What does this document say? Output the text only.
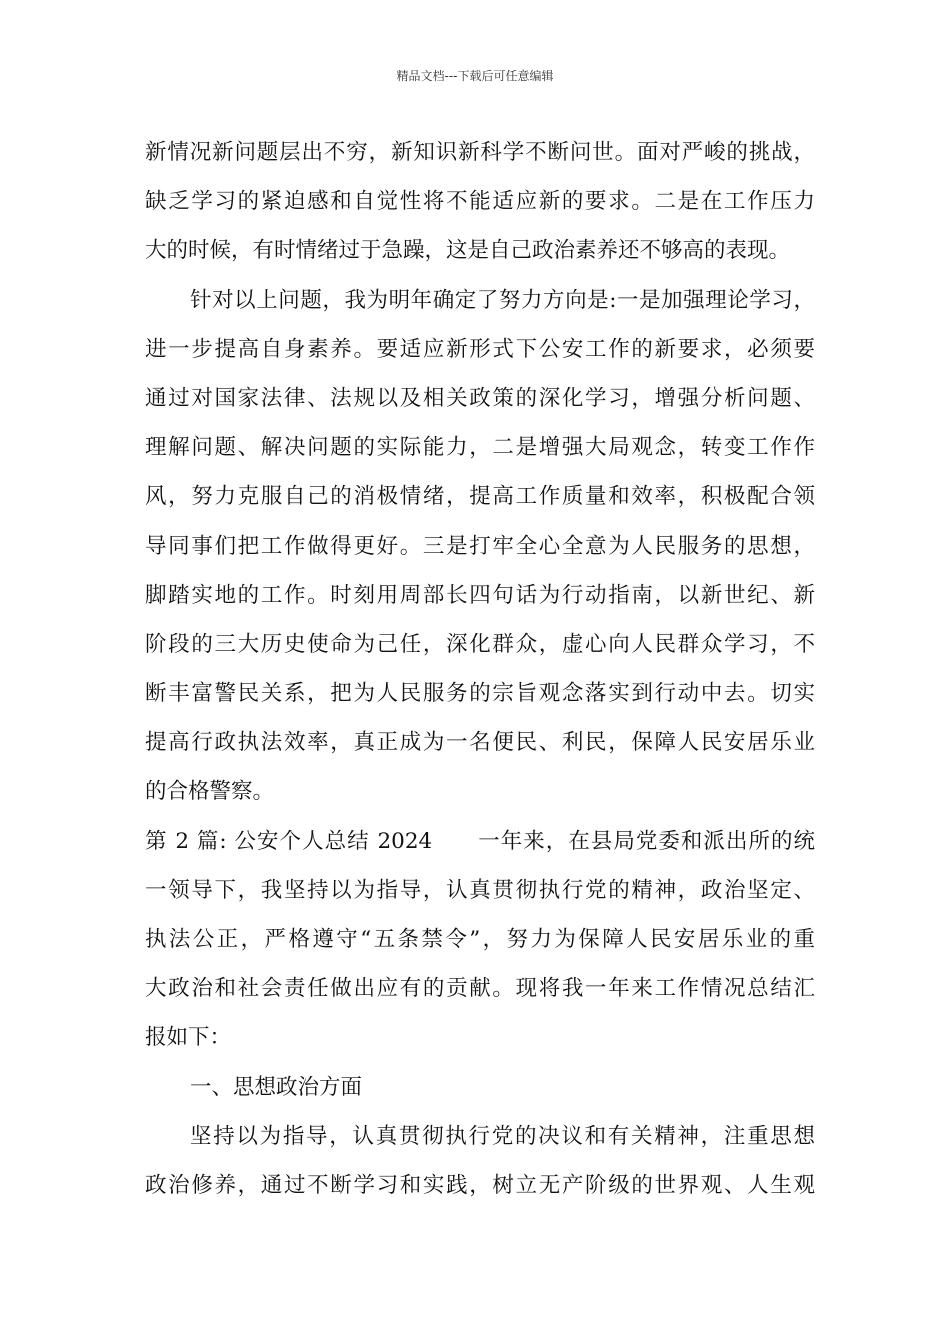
精品文档---下载后可任意编辑
新情况新问题层出不穷，新知识新科学不断问世。面对严峻的挑战，
缺乏学习的紧迫感和自觉性将不能适应新的要求。二是在工作压力
大的时候，有时情绪过于急躁，这是自己政治素养还不够高的表现。
针对以上问题，我为明年确定了努力方向是:一是加强理论学习，
进一步提高自身素养。要适应新形式下公安工作的新要求，必须要
通过对国家法律、法规以及相关政策的深化学习，增强分析问题、
理解问题、解决问题的实际能力，二是增强大局观念，转变工作作
风，努力克服自己的消极情绪，提高工作质量和效率，积极配合领
导同事们把工作做得更好。三是打牢全心全意为人民服务的思想，
脚踏实地的工作。时刻用周部长四句话为行动指南，以新世纪、新
阶段的三大历史使命为己任，深化群众，虚心向人民群众学习，不
断丰富警民关系，把为人民服务的宗旨观念落实到行动中去。切实
提高行政执法效率，真正成为一名便民、利民，保障人民安居乐业
的合格警察。
第 2 篇: 公安个人总结 2024　　一年来，在县局党委和派出所的统
一领导下，我坚持以为指导，认真贯彻执行党的精神，政治坚定、
执法公正，严格遵守“五条禁令”，努力为保障人民安居乐业的重
大政治和社会责任做出应有的贡献。现将我一年来工作情况总结汇
报如下：
一、思想政治方面
坚持以为指导，认真贯彻执行党的决议和有关精神，注重思想
政治修养，通过不断学习和实践，树立无产阶级的世界观、人生观
